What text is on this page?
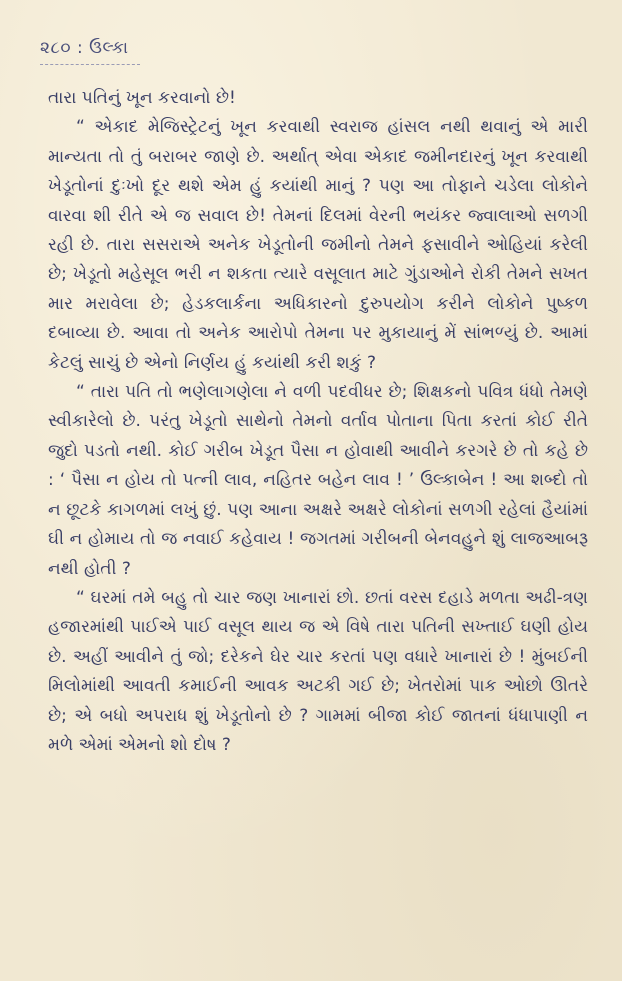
૨૮૦ : ઉલ્કા

તારા પતિનું ખૂન કરવાનો છે!

“ એકાદ મેજિસ્ટ્રેટનું ખૂન કરવાથી સ્વરાજ હાંસલ નથી થવાનું એ મારી માન્યતા તો તું બરાબર જાણે છે. અર્થાત્ એવા એકાદ જમીનદારનું ખૂન કરવાથી ખેડૂતોનાં દુઃખો દૂર થશે એમ હું કયાંથી માનું ? પણ આ તોફાને ચડેલા લોકોને વારવા શી રીતે એ જ સવાલ છે! તેમનાં દિલમાં વેરની ભયંકર જ્વાલાઓ સળગી રહી છે. તારા સસરાએ અનેક ખેડૂતોની જમીનો તેમને ફસાવીને ઓહિયાં કરેલી છે; ખેડૂતો મહેસૂલ ભરી ન શકતા ત્યારે વસૂલાત માટે ગુંડાઓને રોકી તેમને સખત માર મરાવેલા છે; હેડકલાર્કના અધિકારનો દુરુપયોગ કરીને લોકોને પુષ્કળ દબાવ્યા છે. આવા તો અનેક આરોપો તેમના પર મુકાયાનું મેં સાંભળ્યું છે. આમાં કેટલું સાચું છે એનો નિર્ણય હું કયાંથી કરી શકું ?

“ તારા પતિ તો ભણેલાગણેલા ને વળી પદવીધર છે; શિક્ષકનો પવિત્ર ધંધો તેમણે સ્વીકારેલો છે. પરંતુ ખેડૂતો સાથેનો તેમનો વર્તાવ પોતાના પિતા કરતાં કોઈ રીતે જુદો પડતો નથી. કોઈ ગરીબ ખેડૂત પૈસા ન હોવાથી આવીને કરગરે છે તો કહે છે : ‘ પૈસા ન હોય તો પત્ની લાવ, નહિતર બહેન લાવ ! ’ ઉલ્કાબેન ! આ શબ્દો તો ન છૂટકે કાગળમાં લખું છું. પણ આના અક્ષરે અક્ષરે લોકોનાં સળગી રહેલાં હૈયાંમાં ઘી ન હોમાય તો જ નવાઈ કહેવાય ! જગતમાં ગરીબની બેનવહુને શું લાજઆબરૂ નથી હોતી ?

“ ઘરમાં તમે બહુ તો ચાર જણ ખાનારાં છો. છતાં વરસ દહાડે મળતા અઢી-ત્રણ હજારમાંથી પાઈએ પાઈ વસૂલ થાય જ એ વિષે તારા પતિની સખ્તાઈ ઘણી હોય છે. અહીં આવીને તું જો; દરેકને ઘેર ચાર કરતાં પણ વધારે ખાનારાં છે ! મુંબઈની મિલોમાંથી આવતી કમાઈની આવક અટકી ગઈ છે; ખેતરોમાં પાક ઓછો ઊતરે છે; એ બધો અપરાધ શું ખેડૂતોનો છે ? ગામમાં બીજા કોઈ જાતનાં ધંધાપાણી ન મળે એમાં એમનો શો દોષ ?
